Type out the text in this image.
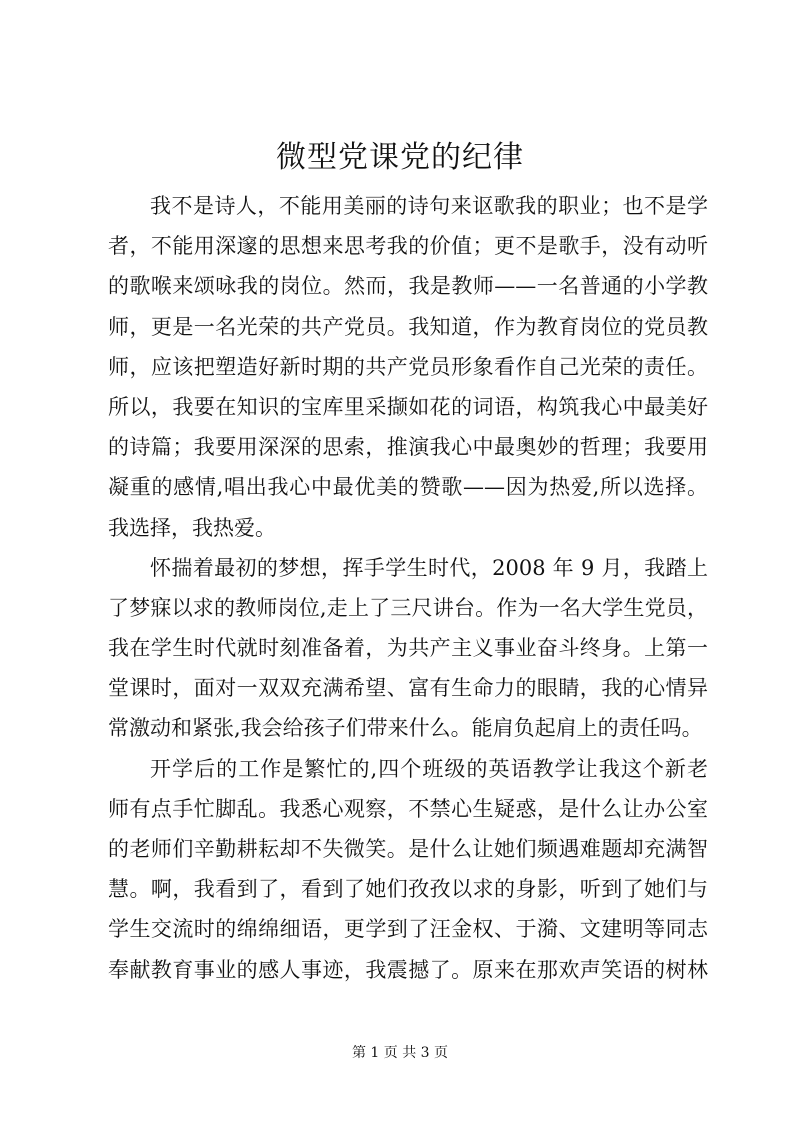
微型党课党的纪律
我不是诗人，不能用美丽的诗句来讴歌我的职业；也不是学
者，不能用深邃的思想来思考我的价值；更不是歌手，没有动听
的歌喉来颂咏我的岗位。然而，我是教师——一名普通的小学教
师，更是一名光荣的共产党员。我知道，作为教育岗位的党员教
师，应该把塑造好新时期的共产党员形象看作自己光荣的责任。
所以，我要在知识的宝库里采撷如花的词语，构筑我心中最美好
的诗篇；我要用深深的思索，推演我心中最奥妙的哲理；我要用
凝重的感情,唱出我心中最优美的赞歌——因为热爱,所以选择。
我选择，我热爱。
怀揣着最初的梦想，挥手学生时代，2008 年 9 月，我踏上
了梦寐以求的教师岗位,走上了三尺讲台。作为一名大学生党员，
我在学生时代就时刻准备着，为共产主义事业奋斗终身。上第一
堂课时，面对一双双充满希望、富有生命力的眼睛，我的心情异
常激动和紧张,我会给孩子们带来什么。能肩负起肩上的责任吗。
开学后的工作是繁忙的,四个班级的英语教学让我这个新老
师有点手忙脚乱。我悉心观察，不禁心生疑惑，是什么让办公室
的老师们辛勤耕耘却不失微笑。是什么让她们频遇难题却充满智
慧。啊，我看到了，看到了她们孜孜以求的身影，听到了她们与
学生交流时的绵绵细语，更学到了汪金权、于漪、文建明等同志
奉献教育事业的感人事迹，我震撼了。原来在那欢声笑语的树林
第 1 页 共 3 页
